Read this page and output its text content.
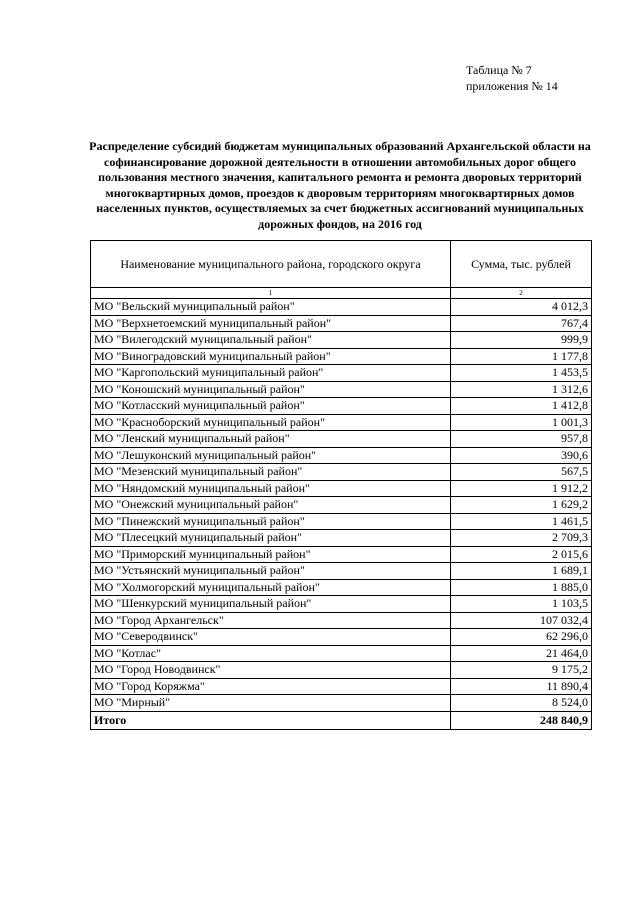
Таблица № 7
приложения № 14
Распределение субсидий бюджетам муниципальных образований Архангельской области на софинансирование дорожной деятельности в отношении автомобильных дорог общего пользования местного значения, капитального ремонта и ремонта дворовых территорий многоквартирных домов, проездов к дворовым территориям многоквартирных домов населенных пунктов, осуществляемых за счет бюджетных ассигнований муниципальных дорожных фондов, на 2016 год
Наименование муниципального района, городского округа	Сумма, тыс. рублей
1	2
МО "Вельский муниципальный район"	4 012,3
МО "Верхнетоемский муниципальный район"	767,4
МО "Вилегодский муниципальный район"	999,9
МО "Виноградовский муниципальный район"	1 177,8
МО "Каргопольский муниципальный район"	1 453,5
МО "Коношский муниципальный район"	1 312,6
МО "Котласский муниципальный район"	1 412,8
МО "Красноборский муниципальный район"	1 001,3
МО "Ленский муниципальный район"	957,8
МО "Лешуконский муниципальный район"	390,6
МО "Мезенский муниципальный район"	567,5
МО "Няндомский муниципальный район"	1 912,2
МО "Онежский муниципальный район"	1 629,2
МО "Пинежский муниципальный район"	1 461,5
МО "Плесецкий муниципальный район"	2 709,3
МО "Приморский муниципальный район"	2 015,6
МО "Устьянский муниципальный район"	1 689,1
МО "Холмогорский муниципальный район"	1 885,0
МО "Шенкурский муниципальный район"	1 103,5
МО "Город Архангельск"	107 032,4
МО "Северодвинск"	62 296,0
МО "Котлас"	21 464,0
МО "Город Новодвинск"	9 175,2
МО "Город Коряжма"	11 890,4
МО "Мирный"	8 524,0
Итого	248 840,9
